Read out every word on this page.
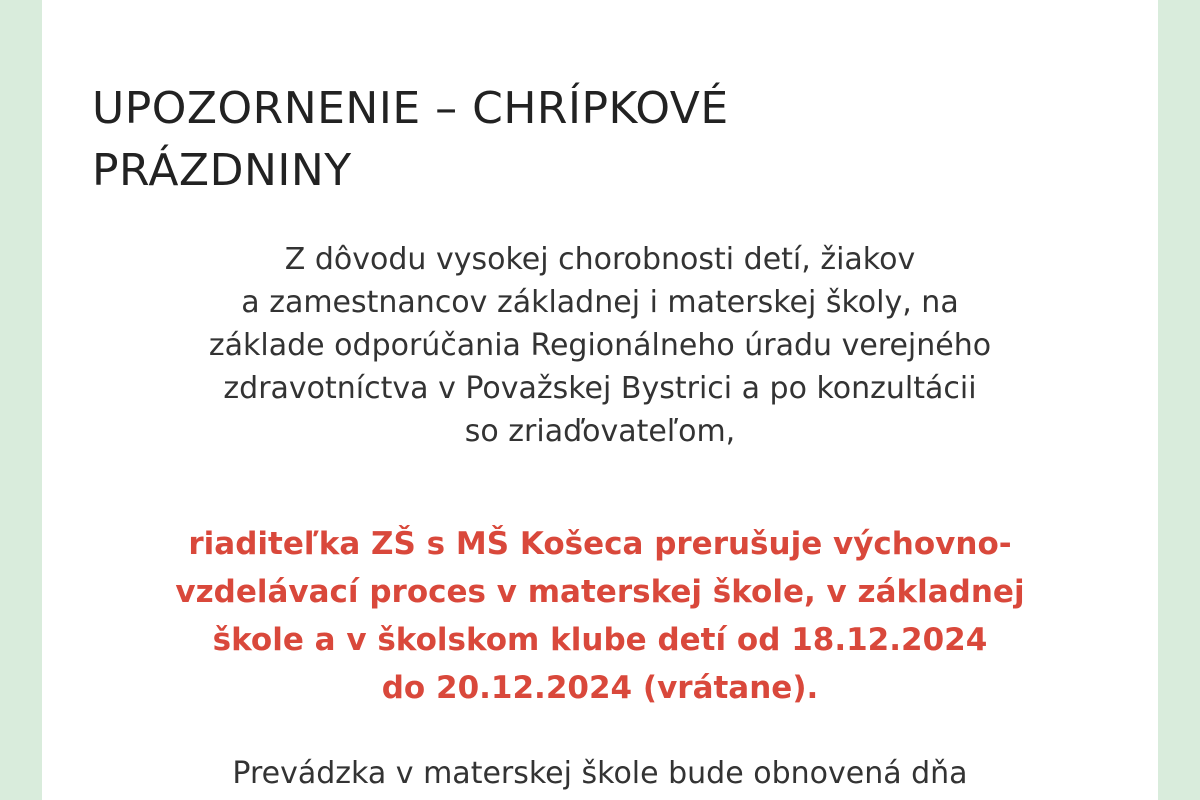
UPOZORNENIE – CHRÍPKOVÉ
PRÁZDNINY

Z dôvodu vysokej chorobnosti detí, žiakov
a zamestnancov základnej i materskej školy, na
základe odporúčania Regionálneho úradu verejného
zdravotníctva v Považskej Bystrici a po konzultácii
so zriaďovateľom,

riaditeľka ZŠ s MŠ Košeca prerušuje výchovno-
vzdelávací proces v materskej škole, v základnej
škole a v školskom klube detí od 18.12.2024
do 20.12.2024 (vrátane).

Prevádzka v materskej škole bude obnovená dňa
